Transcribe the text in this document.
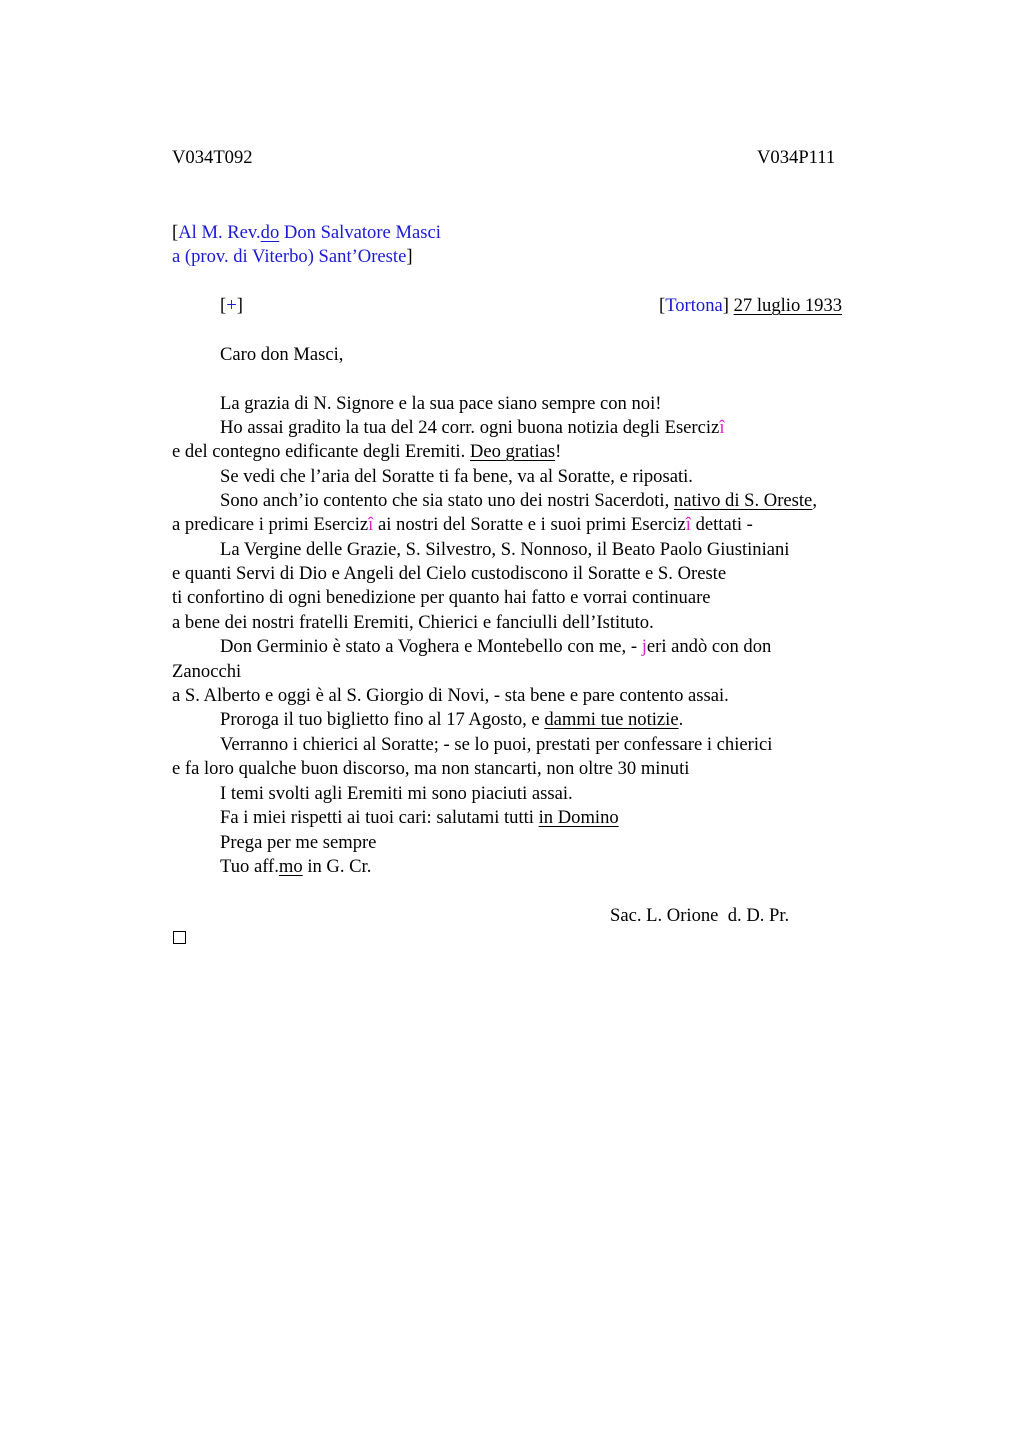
V034T092	V034P111
[Al M. Rev.do Don Salvatore Masci
a (prov. di Viterbo) Sant’Oreste]
[+]	[Tortona] 27 luglio 1933
Caro don Masci,
La grazia di N. Signore e la sua pace siano sempre con noi!
Ho assai gradito la tua del 24 corr. ogni buona notizia degli Esercizî
e del contegno edificante degli Eremiti. Deo gratias!
Se vedi che l’aria del Soratte ti fa bene, va al Soratte, e riposati.
Sono anch’io contento che sia stato uno dei nostri Sacerdoti, nativo di S. Oreste,
a predicare i primi Esercizî ai nostri del Soratte e i suoi primi Esercizî dettati -
La Vergine delle Grazie, S. Silvestro, S. Nonnoso, il Beato Paolo Giustiniani
e quanti Servi di Dio e Angeli del Cielo custodiscono il Soratte e S. Oreste
ti confortino di ogni benedizione per quanto hai fatto e vorrai continuare
a bene dei nostri fratelli Eremiti, Chierici e fanciulli dell’Istituto.
Don Germinio è stato a Voghera e Montebello con me, - jeri andò con don
Zanocchi
a S. Alberto e oggi è al S. Giorgio di Novi, - sta bene e pare contento assai.
Proroga il tuo biglietto fino al 17 Agosto, e dammi tue notizie.
Verranno i chierici al Soratte; - se lo puoi, prestati per confessare i chierici
e fa loro qualche buon discorso, ma non stancarti, non oltre 30 minuti
I temi svolti agli Eremiti mi sono piaciuti assai.
Fa i miei rispetti ai tuoi cari: salutami tutti in Domino
Prega per me sempre
Tuo aff.mo in G. Cr.
Sac. L. Orione  d. D. Pr.
